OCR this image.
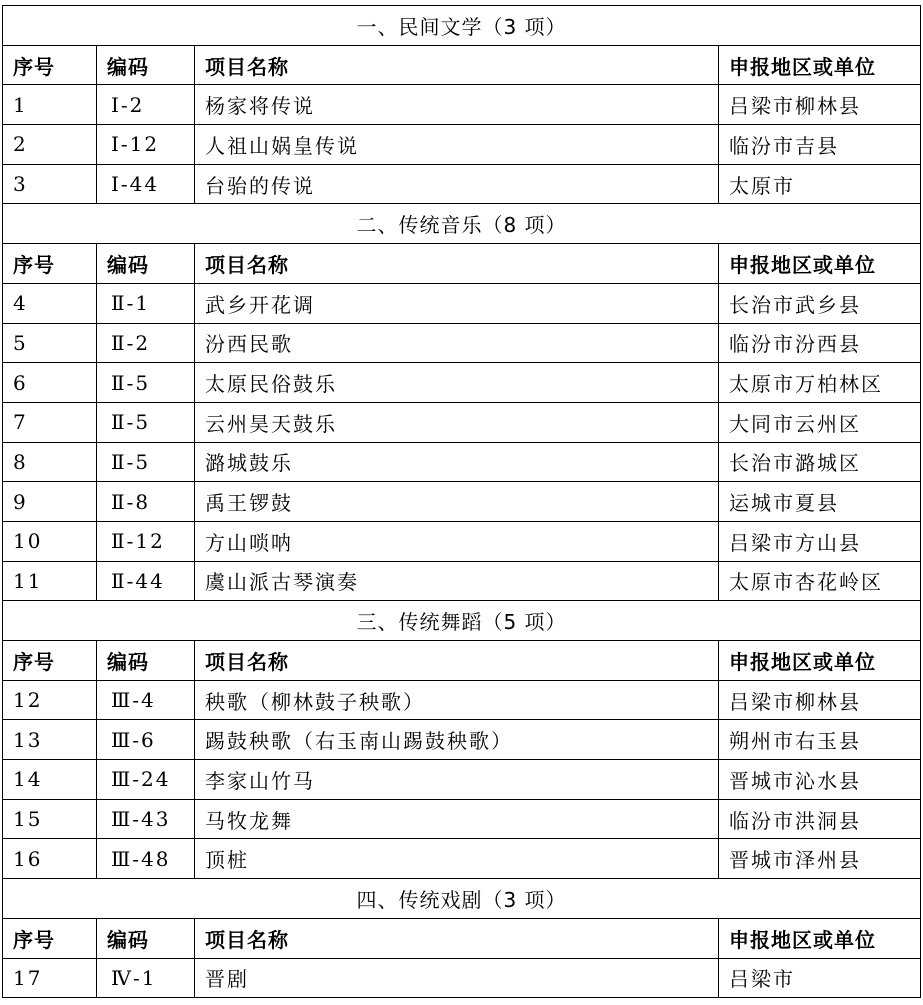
一、民间文学（3 项）			
序号	编码	项目名称	申报地区或单位
1	Ⅰ-2	杨家将传说	吕梁市柳林县
2	Ⅰ-12	人祖山娲皇传说	临汾市吉县
3	Ⅰ-44	台骀的传说	太原市
二、传统音乐（8 项）			
序号	编码	项目名称	申报地区或单位
4	Ⅱ-1	武乡开花调	长治市武乡县
5	Ⅱ-2	汾西民歌	临汾市汾西县
6	Ⅱ-5	太原民俗鼓乐	太原市万柏林区
7	Ⅱ-5	云州昊天鼓乐	大同市云州区
8	Ⅱ-5	潞城鼓乐	长治市潞城区
9	Ⅱ-8	禹王锣鼓	运城市夏县
10	Ⅱ-12	方山唢呐	吕梁市方山县
11	Ⅱ-44	虞山派古琴演奏	太原市杏花岭区
三、传统舞蹈（5 项）			
序号	编码	项目名称	申报地区或单位
12	Ⅲ-4	秧歌（柳林鼓子秧歌）	吕梁市柳林县
13	Ⅲ-6	踢鼓秧歌（右玉南山踢鼓秧歌）	朔州市右玉县
14	Ⅲ-24	李家山竹马	晋城市沁水县
15	Ⅲ-43	马牧龙舞	临汾市洪洞县
16	Ⅲ-48	顶桩	晋城市泽州县
四、传统戏剧（3 项）			
序号	编码	项目名称	申报地区或单位
17	Ⅳ-1	晋剧	吕梁市
